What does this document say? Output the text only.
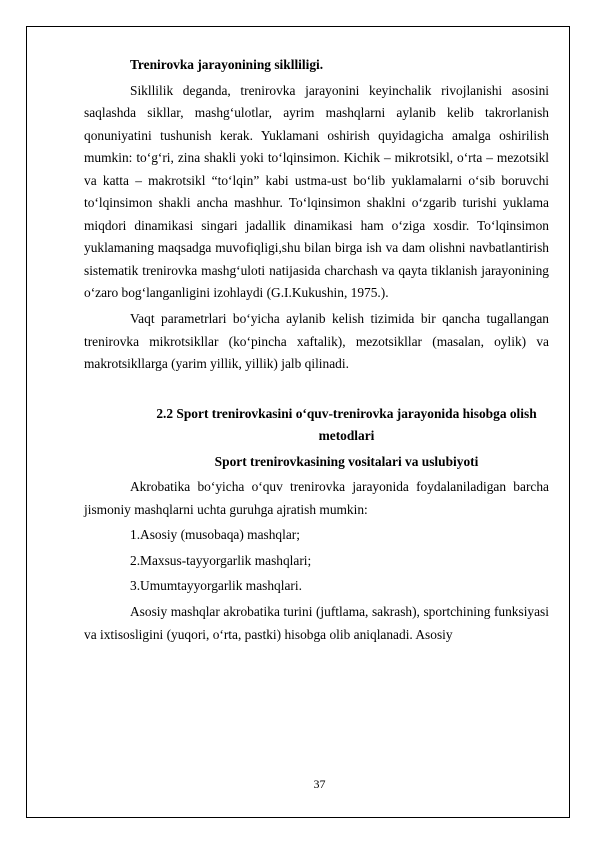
Trenirovka jarayonining siklliligi.

Sikllilik deganda, trenirovka jarayonini keyinchalik rivojlanishi asosini saqlashda sikllar, mashg‘ulotlar, ayrim mashqlarni aylanib kelib takrorlanish qonuniyatini tushunish kerak. Yuklamani oshirish quyidagicha amalga oshirilish mumkin: to‘g‘ri, zina shakli yoki to‘lqinsimon. Kichik – mikrotsikl, o‘rta – mezotsikl va katta – makrotsikl “to‘lqin” kabi ustma-ust bo‘lib yuklamalarni o‘sib boruvchi to‘lqinsimon shakli ancha mashhur. To‘lqinsimon shaklni o‘zgarib turishi yuklama miqdori dinamikasi singari jadallik dinamikasi ham o‘ziga xosdir. To‘lqinsimon yuklamaning maqsadga muvofiqligi,shu bilan birga ish va dam olishni navbatlantirish sistematik trenirovka mashg‘uloti natijasida charchash va qayta tiklanish jarayonining o‘zaro bog‘langanligini izohlaydi (G.I.Kukushin, 1975.).

Vaqt parametrlari bo‘yicha aylanib kelish tizimida bir qancha tugallangan trenirovka mikrotsikllar (ko‘pincha xaftalik), mezotsikllar (masalan, oylik) va makrotsikllarga (yarim yillik, yillik) jalb qilinadi.

2.2 Sport trenirovkasini o‘quv-trenirovka jarayonida hisobga olish metodlari

Sport trenirovkasining vositalari va uslubiyoti

Akrobatika bo‘yicha o‘quv trenirovka jarayonida foydalaniladigan barcha jismoniy mashqlarni uchta guruhga ajratish mumkin:

1.Asosiy (musobaqa) mashqlar;

2.Maxsus-tayyorgarlik mashqlari;

3.Umumtayyorgarlik mashqlari.

Asosiy mashqlar akrobatika turini (juftlama, sakrash), sportchining funksiyasi va ixtisosligini (yuqori, o‘rta, pastki) hisobga olib aniqlanadi. Asosiy

37
